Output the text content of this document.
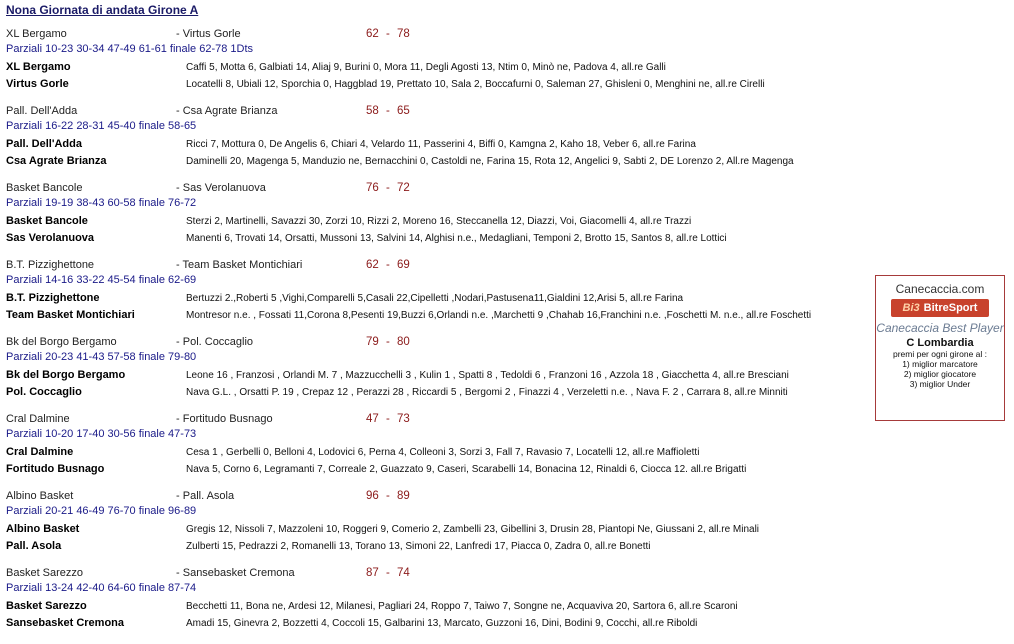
Nona Giornata di andata Girone A
XL Bergamo	- Virtus Gorle	62 - 78
Parziali 10-23 30-34 47-49 61-61 finale 62-78 1Dts
XL Bergamo	Caffi 5, Motta 6, Galbiati 14, Aliaj 9, Burini 0, Mora 11, Degli Agosti 13, Ntim 0, Minò ne, Padova 4, all.re Galli
Virtus Gorle	Locatelli 8, Ubiali 12, Sporchia 0, Haggblad 19, Prettato 10, Sala 2, Boccafurni 0, Saleman 27, Ghisleni 0, Menghini ne, all.re Cirelli
Pall. Dell'Adda	- Csa Agrate Brianza	58 - 65
Parziali 16-22 28-31 45-40 finale 58-65
Pall. Dell'Adda	Ricci 7, Mottura 0, De Angelis 6, Chiari 4, Velardo 11, Passerini 4, Biffi 0, Kamgna 2, Kaho 18, Veber 6, all.re Farina
Csa Agrate Brianza	Daminelli 20, Magenga 5, Manduzio ne, Bernacchini 0, Castoldi ne, Farina 15, Rota 12, Angelici 9, Sabti 2, DE Lorenzo 2, All.re Magenga
Basket Bancole	- Sas Verolanuova	76 - 72
Parziali 19-19 38-43 60-58 finale 76-72
Basket Bancole	Sterzi 2, Martinelli, Savazzi 30, Zorzi 10, Rizzi 2, Moreno 16, Steccanella 12, Diazzi, Voi, Giacomelli 4, all.re Trazzi
Sas Verolanuova	Manenti 6, Trovati 14, Orsatti, Mussoni 13, Salvini 14, Alghisi n.e., Medagliani, Temponi 2, Brotto 15, Santos 8, all.re Lottici
B.T. Pizzighettone	- Team Basket Montichiari	62 - 69
Parziali 14-16 33-22 45-54 finale 62-69
B.T. Pizzighettone	Bertuzzi 2.,Roberti 5 ,Vighi,Comparelli 5,Casali 22,Cipelletti ,Nodari,Pastusena11,Gialdini 12,Arisi 5, all.re Farina
Team Basket Montichiari	Montresor n.e. , Fossati 11,Corona 8,Pesenti 19,Buzzi 6,Orlandi n.e. ,Marchetti 9 ,Chahab 16,Franchini n.e. ,Foschetti M. n.e., all.re Foschetti
Bk del Borgo Bergamo	- Pol. Coccaglio	79 - 80
Parziali 20-23 41-43 57-58 finale 79-80
Bk del Borgo Bergamo	Leone 16 , Franzosi , Orlandi M. 7 , Mazzucchelli 3 , Kulin 1 , Spatti 8 , Tedoldi 6 , Franzoni 16 , Azzola 18 , Giacchetta 4, all.re Bresciani
Pol. Coccaglio	Nava G.L. , Orsatti P. 19 , Crepaz 12 , Perazzi 28 , Riccardi 5 , Bergomi 2 , Finazzi 4 , Verzeletti n.e. , Nava F. 2 , Carrara 8, all.re Minniti
Cral Dalmine	- Fortitudo Busnago	47 - 73
Parziali 10-20 17-40 30-56 finale 47-73
Cral Dalmine	Cesa 1 , Gerbelli 0, Belloni 4, Lodovici 6, Perna 4, Colleoni 3, Sorzi 3, Fall 7, Ravasio 7, Locatelli 12, all.re Maffioletti
Fortitudo Busnago	Nava 5, Corno 6, Legramanti 7, Correale 2, Guazzato 9, Caseri, Scarabelli 14, Bonacina 12, Rinaldi 6, Ciocca 12. all.re Brigatti
Albino Basket	- Pall. Asola	96 - 89
Parziali 20-21 46-49 76-70 finale 96-89
Albino Basket	Gregis 12, Nissoli 7, Mazzoleni 10, Roggeri 9, Comerio 2, Zambelli 23, Gibellini 3, Drusin 28, Piantopi Ne, Giussani 2, all.re Minali
Pall. Asola	Zulberti 15, Pedrazzi 2, Romanelli 13, Torano 13, Simoni 22, Lanfredi 17, Piacca 0, Zadra 0, all.re Bonetti
Basket Sarezzo	- Sansebasket Cremona	87 - 74
Parziali 13-24 42-40 64-60 finale 87-74
Basket Sarezzo	Becchetti 11, Bona ne, Ardesi 12, Milanesi, Pagliari 24, Roppo 7, Taiwo 7, Songne ne, Acquaviva 20, Sartora 6, all.re Scaroni
Sansebasket Cremona	Amadi 15, Ginevra 2, Bozzetti 4, Coccoli 15, Galbarini 13, Marcato, Guzzoni 16, Dini, Bodini 9, Cocchi, all.re Riboldi
Canecaccia.com
Bi3 BitreSport
Canecaccia Best Player
C Lombardia
premi per ogni girone al :
1) miglior marcatore
2) miglior giocatore
3) miglior Under
